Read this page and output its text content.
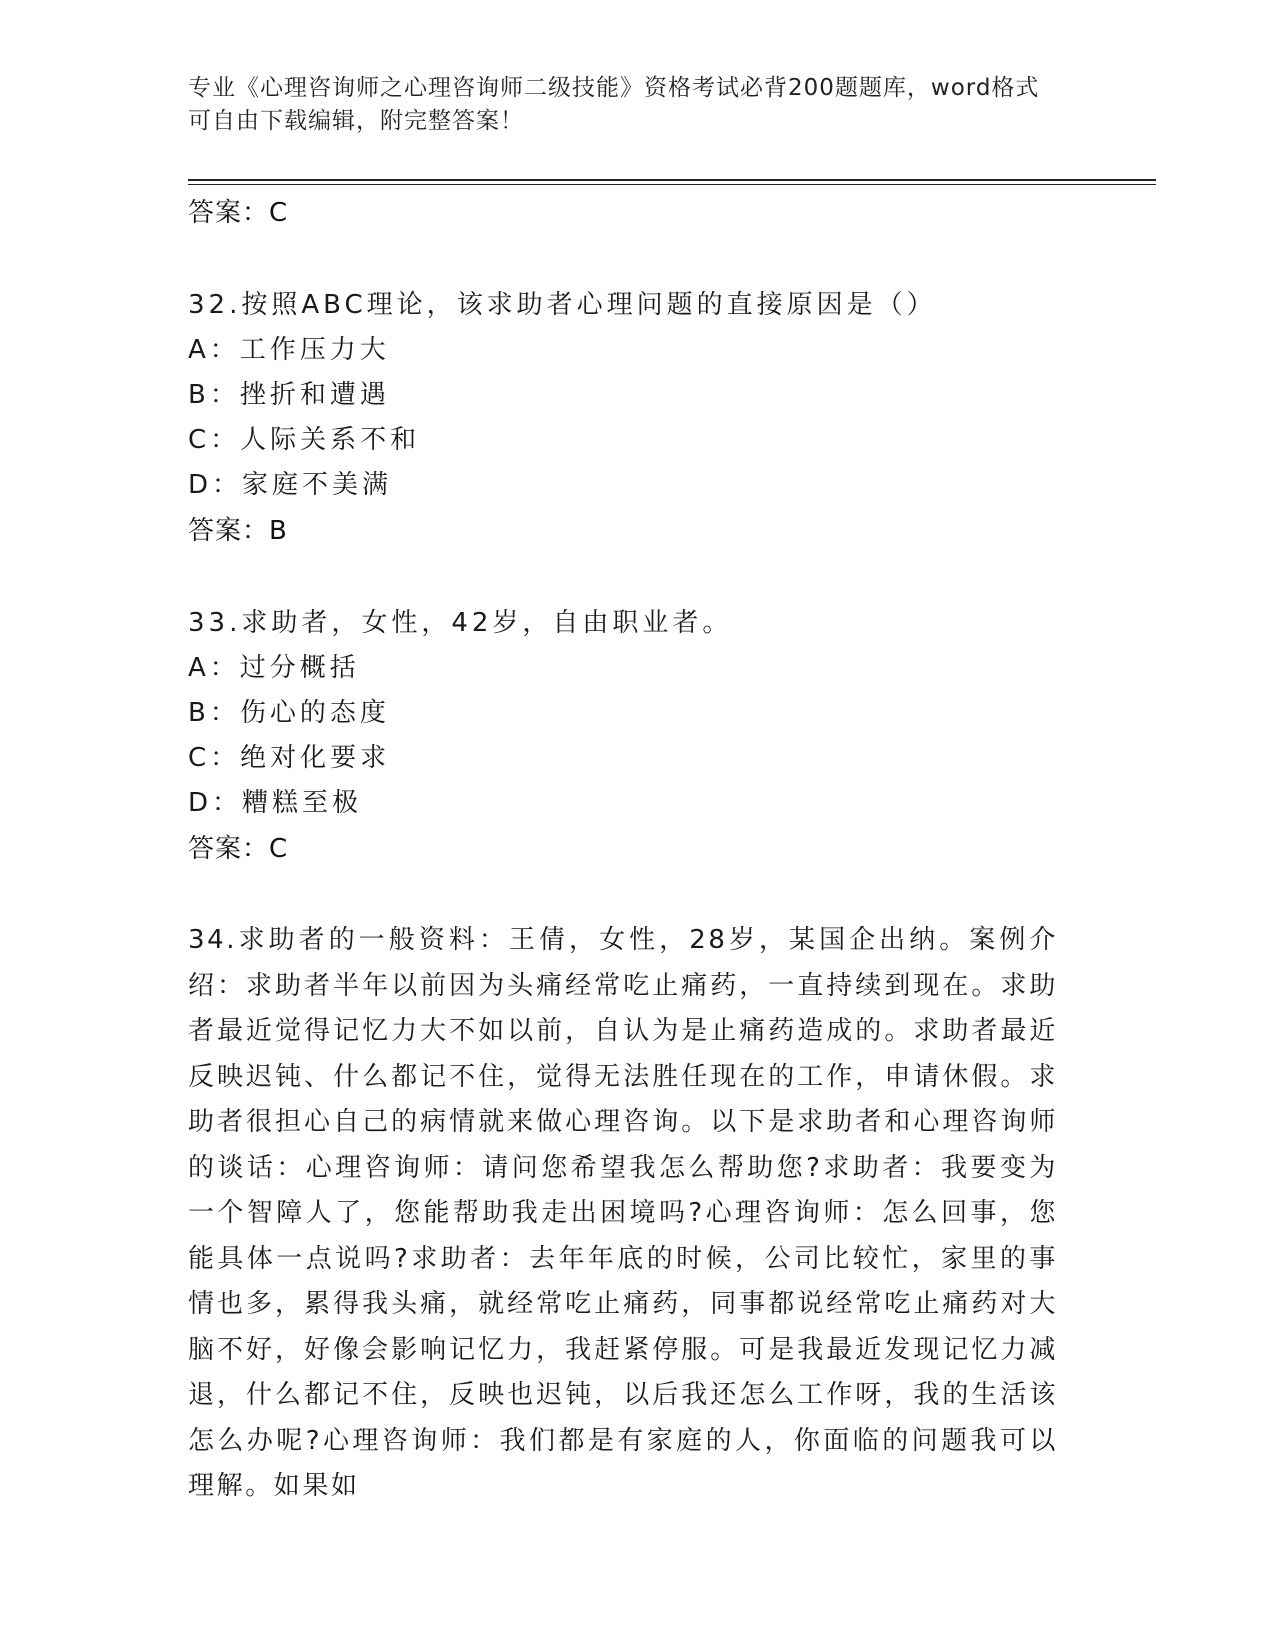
专业《心理咨询师之心理咨询师二级技能》资格考试必背200题题库，word格式
可自由下载编辑，附完整答案！
答案：C
32.按照ABC理论，该求助者心理问题的直接原因是（）
A：工作压力大
B：挫折和遭遇
C：人际关系不和
D：家庭不美满
答案：B
33.求助者，女性，42岁，自由职业者。
A：过分概括
B：伤心的态度
C：绝对化要求
D：糟糕至极
答案：C
34.求助者的一般资料：王倩，女性，28岁，某国企出纳。案例介绍：求助者半年以前因为头痛经常吃止痛药，一直持续到现在。求助者最近觉得记忆力大不如以前，自认为是止痛药造成的。求助者最近反映迟钝、什么都记不住，觉得无法胜任现在的工作，申请休假。求助者很担心自己的病情就来做心理咨询。以下是求助者和心理咨询师的谈话：心理咨询师：请问您希望我怎么帮助您?求助者：我要变为一个智障人了，您能帮助我走出困境吗?心理咨询师：怎么回事，您能具体一点说吗?求助者：去年年底的时候，公司比较忙，家里的事情也多，累得我头痛，就经常吃止痛药，同事都说经常吃止痛药对大脑不好，好像会影响记忆力，我赶紧停服。可是我最近发现记忆力减退，什么都记不住，反映也迟钝，以后我还怎么工作呀，我的生活该怎么办呢?心理咨询师：我们都是有家庭的人，你面临的问题我可以理解。如果如
